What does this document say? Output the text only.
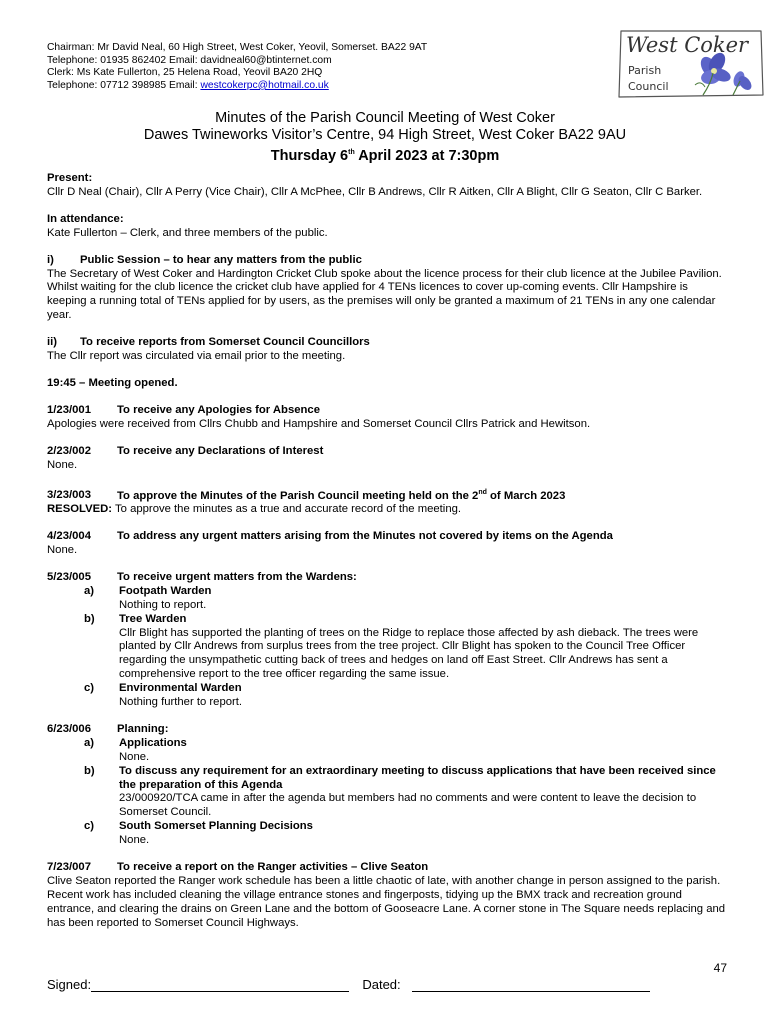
Chairman: Mr David Neal, 60 High Street, West Coker, Yeovil, Somerset. BA22 9AT
Telephone: 01935 862402 Email: davidneal60@btinternet.com
Clerk: Ms Kate Fullerton, 25 Helena Road, Yeovil BA20 2HQ
Telephone: 07712 398985 Email: westcokerpc@hotmail.co.uk
West Coker
Parish
Council
Minutes of the Parish Council Meeting of West Coker
Dawes Twineworks Visitor’s Centre, 94 High Street, West Coker BA22 9AU
Thursday 6th April 2023 at 7:30pm
Present:
Cllr D Neal (Chair), Cllr A Perry (Vice Chair), Cllr A McPhee, Cllr B Andrews, Cllr R Aitken, Cllr A Blight, Cllr G Seaton, Cllr C Barker.
In attendance:
Kate Fullerton – Clerk, and three members of the public.
i) Public Session – to hear any matters from the public
The Secretary of West Coker and Hardington Cricket Club spoke about the licence process for their club licence at the Jubilee Pavilion. Whilst waiting for the club licence the cricket club have applied for 4 TENs licences to cover up-coming events. Cllr Hampshire is keeping a running total of TENs applied for by users, as the premises will only be granted a maximum of 21 TENs in any one calendar year.
ii) To receive reports from Somerset Council Councillors
The Cllr report was circulated via email prior to the meeting.
19:45 – Meeting opened.
1/23/001 To receive any Apologies for Absence
Apologies were received from Cllrs Chubb and Hampshire and Somerset Council Cllrs Patrick and Hewitson.
2/23/002 To receive any Declarations of Interest
None.
3/23/003 To approve the Minutes of the Parish Council meeting held on the 2nd of March 2023
RESOLVED: To approve the minutes as a true and accurate record of the meeting.
4/23/004 To address any urgent matters arising from the Minutes not covered by items on the Agenda
None.
5/23/005 To receive urgent matters from the Wardens:
a)	Footpath Warden
Nothing to report.
b)	Tree Warden
Cllr Blight has supported the planting of trees on the Ridge to replace those affected by ash dieback. The trees were planted by Cllr Andrews from surplus trees from the tree project. Cllr Blight has spoken to the Council Tree Officer regarding the unsympathetic cutting back of trees and hedges on land off East Street. Cllr Andrews has sent a comprehensive report to the tree officer regarding the same issue.
c)	Environmental Warden
Nothing further to report.
6/23/006 Planning:
a)	Applications
None.
b)	To discuss any requirement for an extraordinary meeting to discuss applications that have been received since the preparation of this Agenda
23/000920/TCA came in after the agenda but members had no comments and were content to leave the decision to Somerset Council.
c)	South Somerset Planning Decisions
None.
7/23/007 To receive a report on the Ranger activities – Clive Seaton
Clive Seaton reported the Ranger work schedule has been a little chaotic of late, with another change in person assigned to the parish. Recent work has included cleaning the village entrance stones and fingerposts, tidying up the BMX track and recreation ground entrance, and clearing the drains on Green Lane and the bottom of Gooseacre Lane. A corner stone in The Square needs replacing and has been reported to Somerset Council Highways.
47
Signed:	Dated:
